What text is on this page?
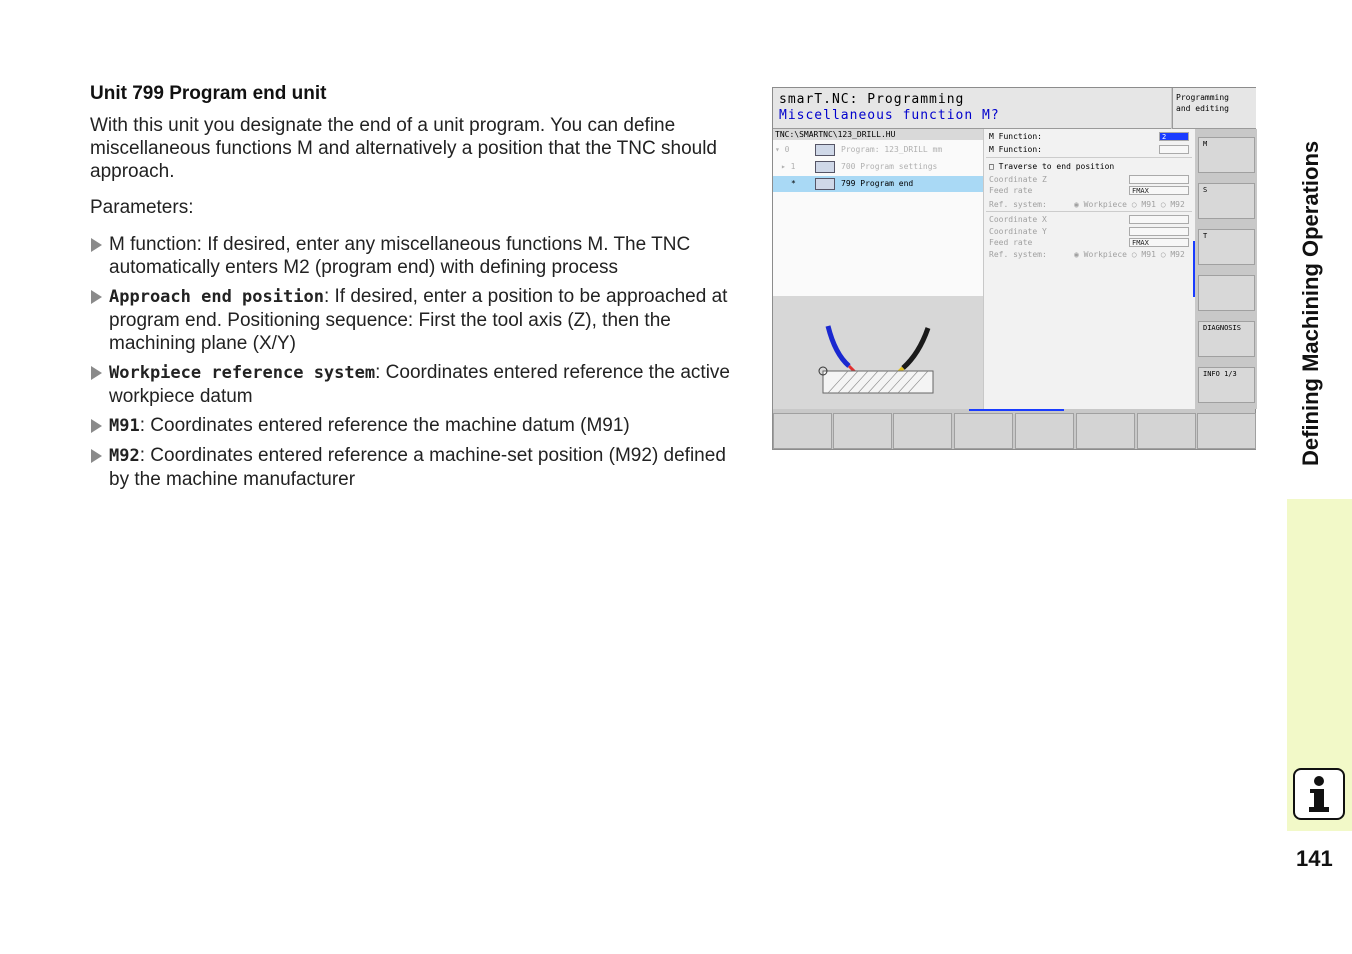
Unit 799 Program end unit

With this unit you designate the end of a unit program. You can define miscellaneous functions M and alternatively a position that the TNC should approach.

Parameters:

M function: If desired, enter any miscellaneous functions M. The TNC automatically enters M2 (program end) with defining process
Approach end position: If desired, enter a position to be approached at program end. Positioning sequence: First the tool axis (Z), then the machining plane (X/Y)
Workpiece reference system: Coordinates entered reference the active workpiece datum
M91: Coordinates entered reference the machine datum (M91)
M92: Coordinates entered reference a machine-set position (M92) defined by the machine manufacturer
smarT.NC: Programming
Miscellaneous function M?
Programming
and editing
TNC:\SMARTNC\123_DRILL.HU
▾ 0	Program: 123_DRILL mm
▸ 1	700 Program settings
*	799 Program end
M Function:	2
M Function:
□ Traverse to end position
Coordinate Z
Feed rate	FMAX
Ref. system:	◉ Workpiece ○ M91 ○ M92
Coordinate X
Coordinate Y
Feed rate	FMAX
Ref. system:	◉ Workpiece ○ M91 ○ M92
M
S
T
DIAGNOSIS
INFO 1/3	Defining Machining Operations
141
